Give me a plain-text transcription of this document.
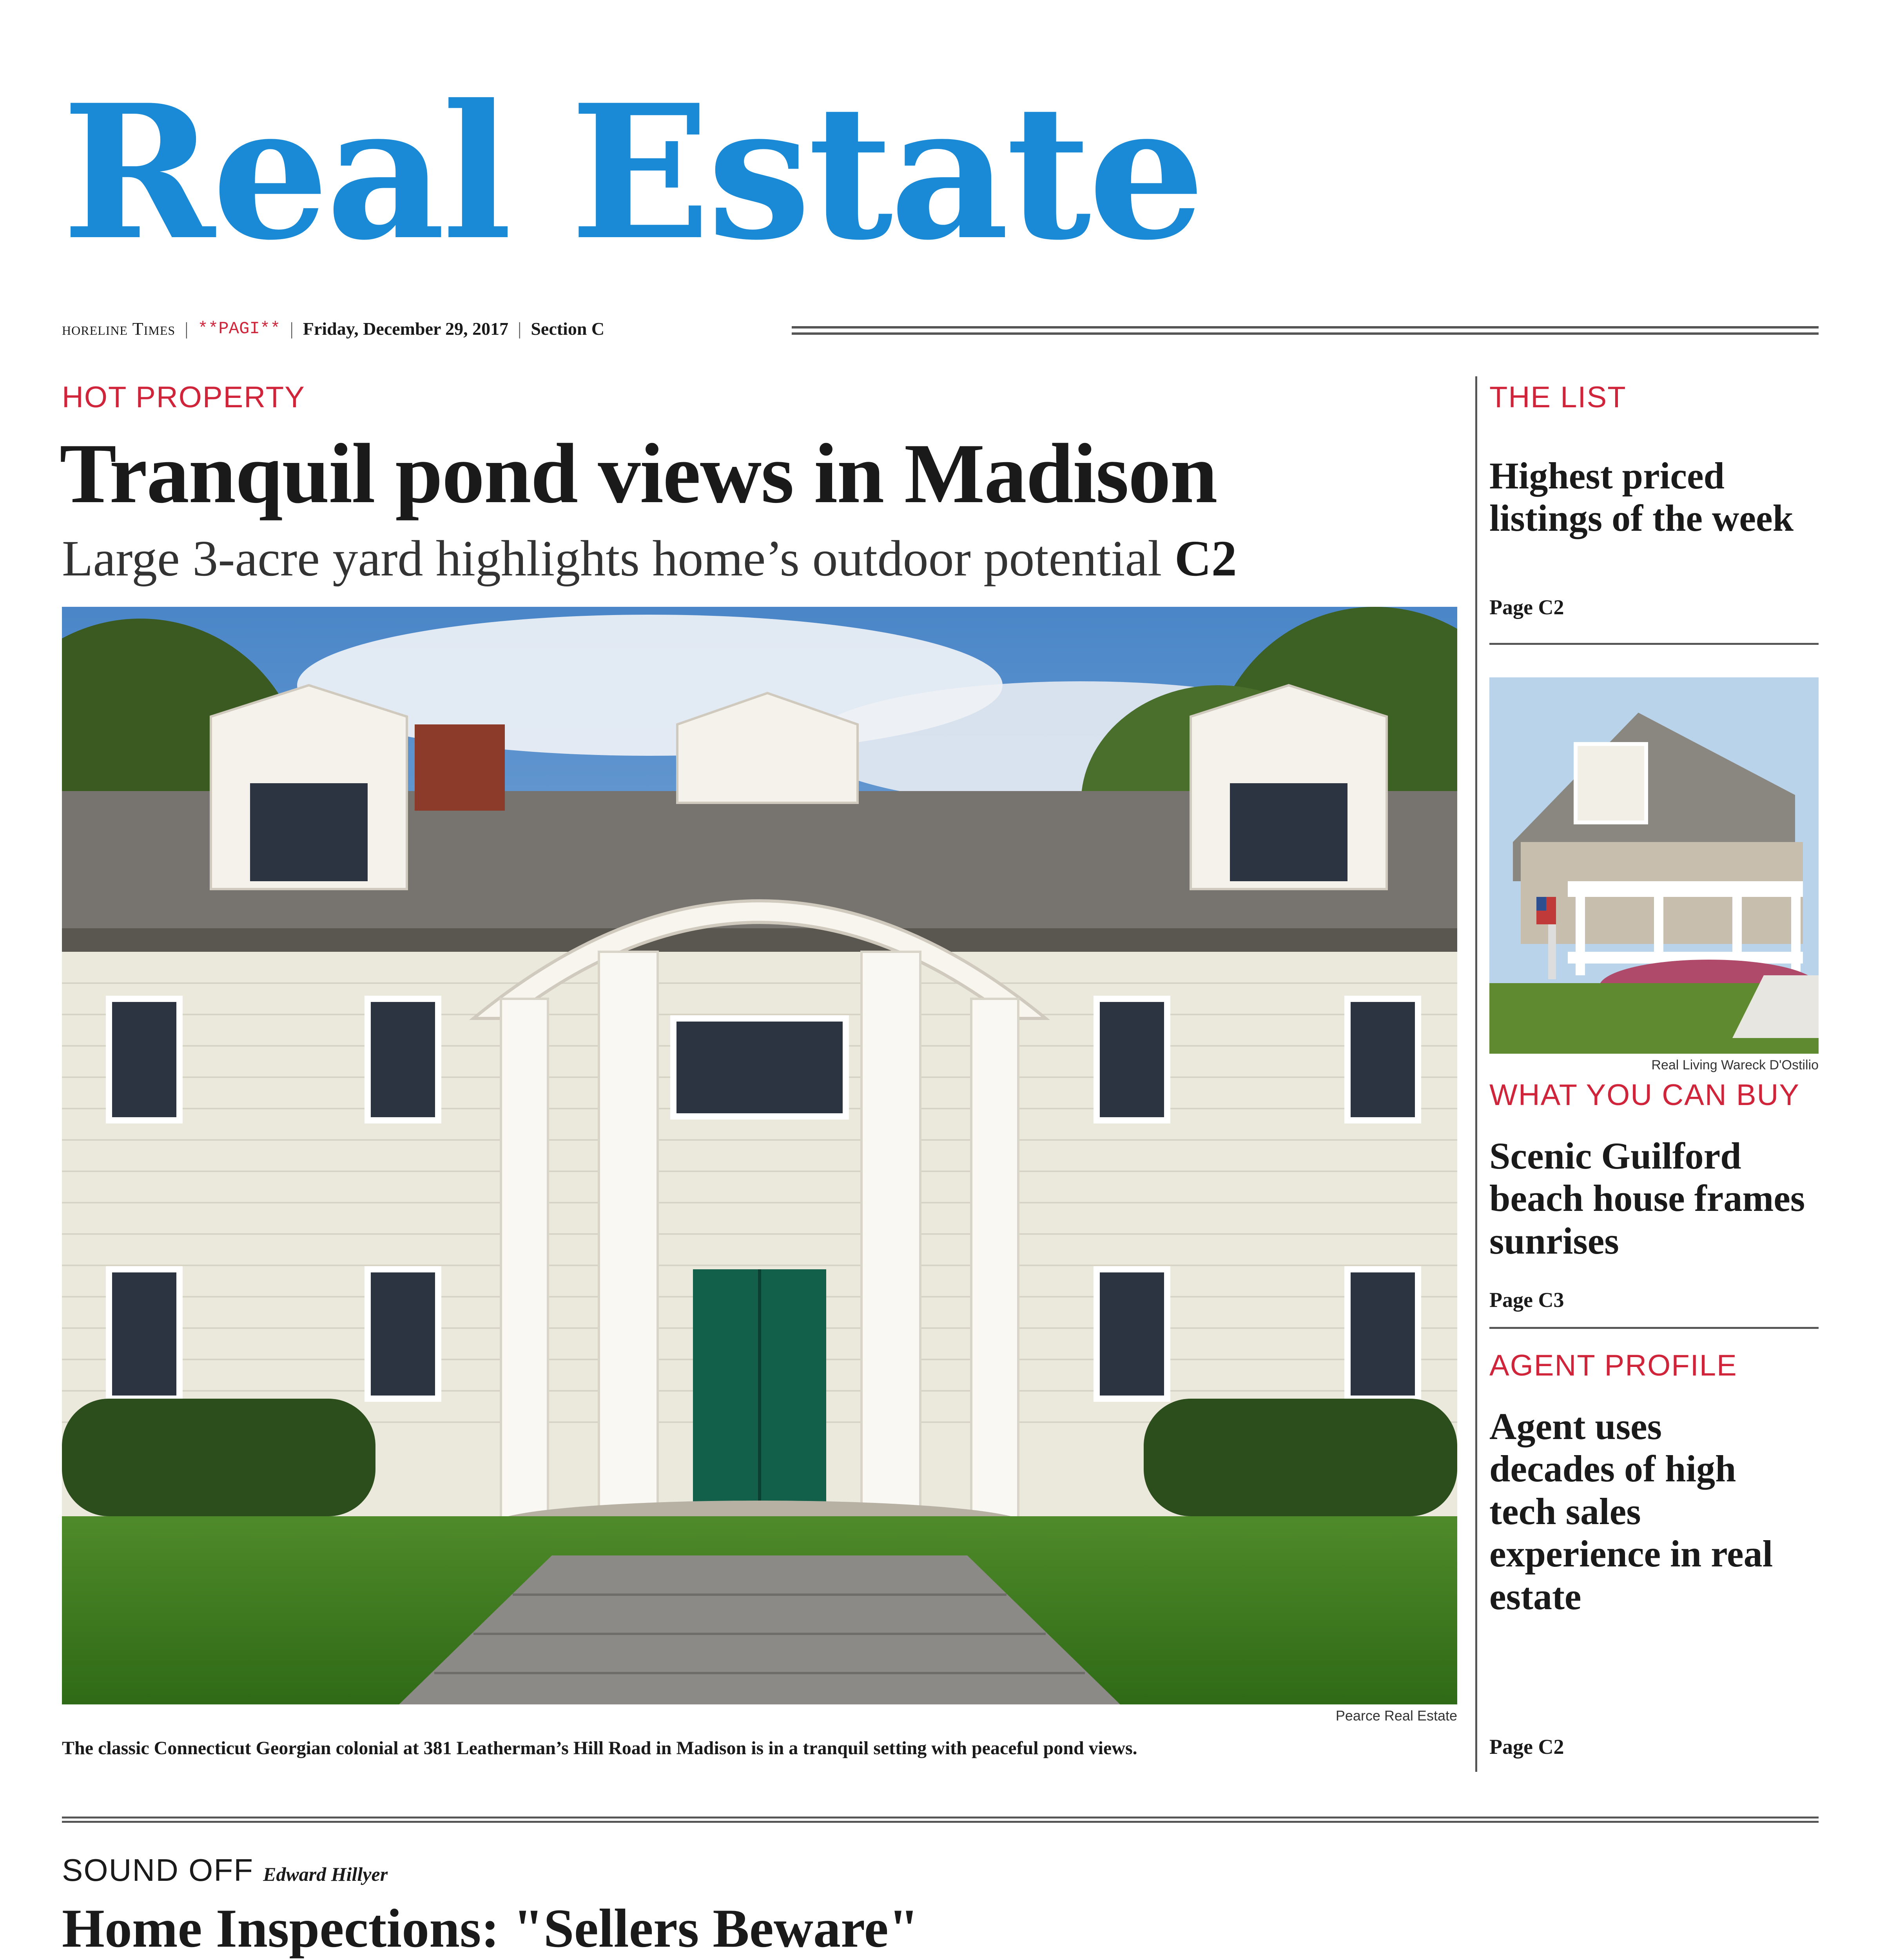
Real Estate
horeline Times | **PAGI** | Friday, December 29, 2017 | Section C
HOT PROPERTY
Tranquil pond views in Madison
Large 3-acre yard highlights home’s outdoor potential C2
Pearce Real Estate
The classic Connecticut Georgian colonial at 381 Leatherman’s Hill Road in Madison is in a tranquil setting with peaceful pond views.
THE LIST
Highest priced listings of the week
Page C2
Real Living Wareck D'Ostilio
WHAT YOU CAN BUY
Scenic Guilford beach house frames sunrises
Page C3
AGENT PROFILE
Agent uses decades of high tech sales experience in real estate
Page C2
SOUND OFF Edward Hillyer
Home Inspections: "Sellers Beware"
